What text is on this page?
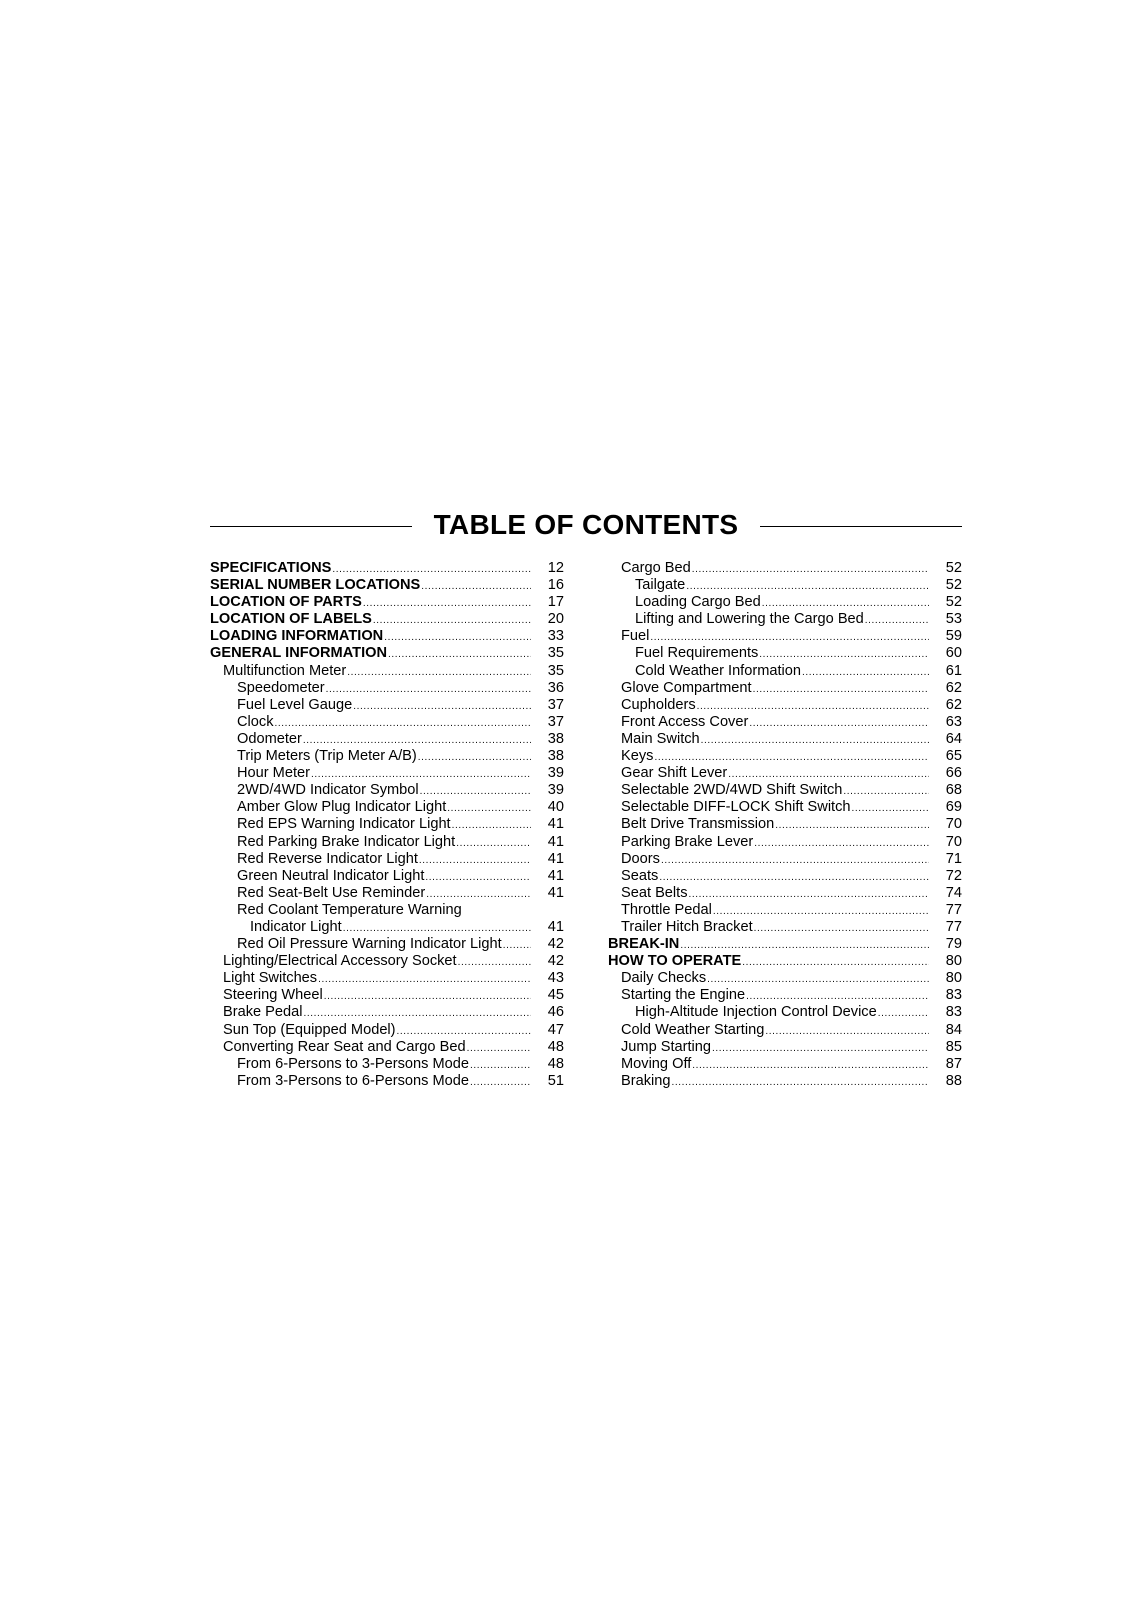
TABLE OF CONTENTS
SPECIFICATIONS .....	12
SERIAL NUMBER LOCATIONS .....	16
LOCATION OF PARTS .....	17
LOCATION OF LABELS .....	20
LOADING INFORMATION .....	33
GENERAL INFORMATION .....	35
Multifunction Meter .....	35
Speedometer .....	36
Fuel Level Gauge .....	37
Clock .....	37
Odometer .....	38
Trip Meters (Trip Meter A/B) .....	38
Hour Meter .....	39
2WD/4WD Indicator Symbol .....	39
Amber Glow Plug Indicator Light .....	40
Red EPS Warning Indicator Light .....	41
Red Parking Brake Indicator Light .....	41
Red Reverse Indicator Light .....	41
Green Neutral Indicator Light .....	41
Red Seat-Belt Use Reminder .....	41
Red Coolant Temperature Warning
Indicator Light .....	41
Red Oil Pressure Warning Indicator Light .....	42
Lighting/Electrical Accessory Socket .....	42
Light Switches .....	43
Steering Wheel .....	45
Brake Pedal .....	46
Sun Top (Equipped Model) .....	47
Converting Rear Seat and Cargo Bed .....	48
From 6-Persons to 3-Persons Mode .....	48
From 3-Persons to 6-Persons Mode .....	51
Cargo Bed .....	52
Tailgate .....	52
Loading Cargo Bed .....	52
Lifting and Lowering the Cargo Bed .....	53
Fuel .....	59
Fuel Requirements .....	60
Cold Weather Information .....	61
Glove Compartment .....	62
Cupholders .....	62
Front Access Cover .....	63
Main Switch .....	64
Keys .....	65
Gear Shift Lever .....	66
Selectable 2WD/4WD Shift Switch .....	68
Selectable DIFF-LOCK Shift Switch .....	69
Belt Drive Transmission .....	70
Parking Brake Lever .....	70
Doors .....	71
Seats .....	72
Seat Belts .....	74
Throttle Pedal .....	77
Trailer Hitch Bracket .....	77
BREAK-IN .....	79
HOW TO OPERATE .....	80
Daily Checks .....	80
Starting the Engine .....	83
High-Altitude Injection Control Device .....	83
Cold Weather Starting .....	84
Jump Starting .....	85
Moving Off .....	87
Braking .....	88
